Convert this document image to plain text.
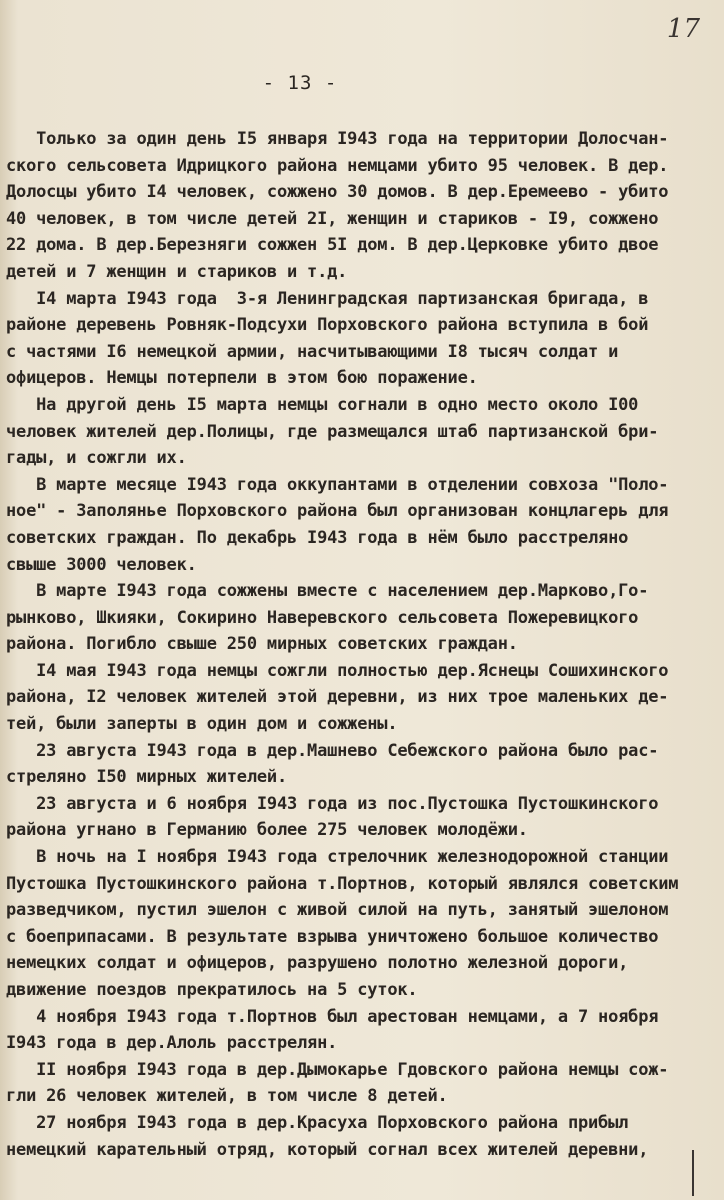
17
- 13 -
Только за один день I5 января I943 года на территории Долосчан-
ского сельсовета Идрицкого района немцами убито 95 человек. В дер.
Долосцы убито I4 человек, сожжено 30 домов. В дер.Еремеево - убито
40 человек, в том числе детей 2I, женщин и стариков - I9, сожжено
22 дома. В дер.Березняги сожжен 5I дом. В дер.Церковке убито двое
детей и 7 женщин и стариков и т.д.
I4 марта I943 года  3-я Ленинградская партизанская бригада, в
районе деревень Ровняк-Подсухи Порховского района вступила в бой
с частями I6 немецкой армии, насчитывающими I8 тысяч солдат и
офицеров. Немцы потерпели в этом бою поражение.
На другой день I5 марта немцы согнали в одно место около I00
человек жителей дер.Полицы, где размещался штаб партизанской бри-
гады, и сожгли их.
В марте месяце I943 года оккупантами в отделении совхоза "Поло-
ное" - Заполянье Порховского района был организован концлагерь для
советских граждан. По декабрь I943 года в нём было расстреляно
свыше 3000 человек.
В марте I943 года сожжены вместе с населением дер.Марково,Го-
рынково, Шкияки, Сокирино Наверевского сельсовета Пожеревицкого
района. Погибло свыше 250 мирных советских граждан.
I4 мая I943 года немцы сожгли полностью дер.Яснецы Сошихинского
района, I2 человек жителей этой деревни, из них трое маленьких де-
тей, были заперты в один дом и сожжены.
23 августа I943 года в дер.Машнево Себежского района было рас-
стреляно I50 мирных жителей.
23 августа и 6 ноября I943 года из пос.Пустошка Пустошкинского
района угнано в Германию более 275 человек молодёжи.
В ночь на I ноября I943 года стрелочник железнодорожной станции
Пустошка Пустошкинского района т.Портнов, который являлся советским
разведчиком, пустил эшелон с живой силой на путь, занятый эшелоном
с боеприпасами. В результате взрыва уничтожено большое количество
немецких солдат и офицеров, разрушено полотно железной дороги,
движение поездов прекратилось на 5 суток.
4 ноября I943 года т.Портнов был арестован немцами, а 7 ноября
I943 года в дер.Алоль расстрелян.
II ноября I943 года в дер.Дымокарье Гдовского района немцы сож-
гли 26 человек жителей, в том числе 8 детей.
27 ноября I943 года в дер.Красуха Порховского района прибыл
немецкий карательный отряд, который согнал всех жителей деревни,
